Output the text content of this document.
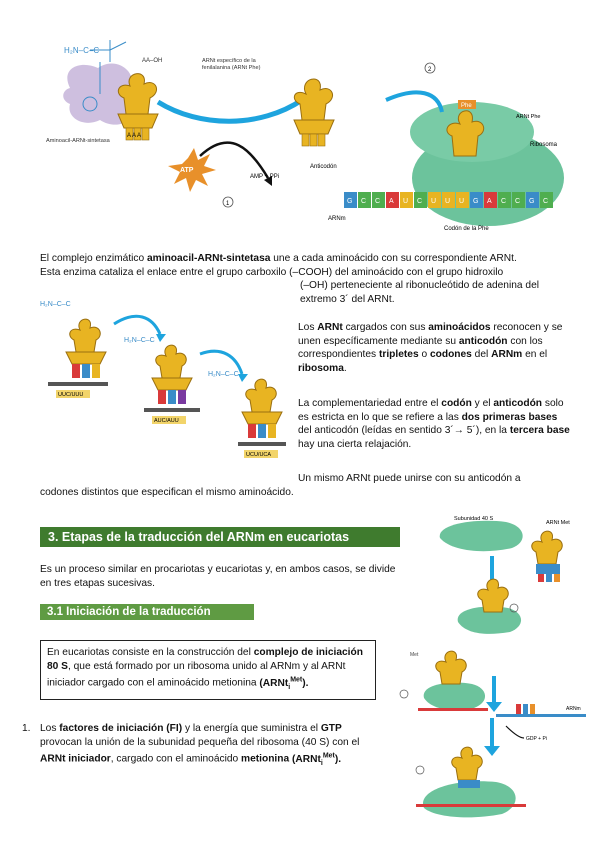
H₂N–C–C
A A A
AA–OH
ATP
AMP + PPi
1
2
Anticodón
Ribosoma
Phe
ARNt Phe
G C C A U C U U U G A C C G C
ARNm
Codón de la Phe
Aminoacil-ARNt-sintetasa
ARNt específico de la fenilalanina (ARNt Phe)
El complejo enzimático aminoacil-ARNt-sintetasa une a cada aminoácido con su correspondiente ARNt.
Esta enzima cataliza el enlace entre el grupo carboxilo (–COOH) del aminoácido con el grupo hidroxilo
(–OH) perteneciente al ribonucleótido de adenina del extremo 3´ del ARNt.
H₂N–C–C
H₂N–C–C
H₂N–C–C
UUC/UUU
AUC/AUU
UCU/UCA
Los ARNt cargados con sus aminoácidos reconocen y se unen específicamente mediante su anticodón con los correspondientes tripletes o codones del ARNm en el ribosoma.
La complementariedad entre el codón y el anticodón solo es estricta en lo que se refiere a las dos primeras bases del anticodón (leídas en sentido 3´→ 5´), en la tercera base hay una cierta relajación.
Un mismo ARNt puede unirse con su anticodón a
codones distintos que especifican el mismo aminoácido.
3. Etapas de la traducción del ARNm en eucariotas
Es un proceso similar en procariotas y eucariotas y, en ambos casos, se divide
en tres etapas sucesivas.
3.1 Iniciación de la traducción
En eucariotas consiste en la construcción del complejo de iniciación 80 S, que está formado por un ribosoma unido al ARNm y al ARNt iniciador cargado con el aminoácido metionina (ARNt$_i^{Met}$).
1. Los factores de iniciación (FI) y la energía que suministra el GTP provocan la unión de la subunidad pequeña del ribosoma (40 S) con el ARNt iniciador, cargado con el aminoácido metionina (ARNt$_i^{Met}$).
Subunidad 40 S
ARNt Met
Met
ARNm
GDP + Pi
